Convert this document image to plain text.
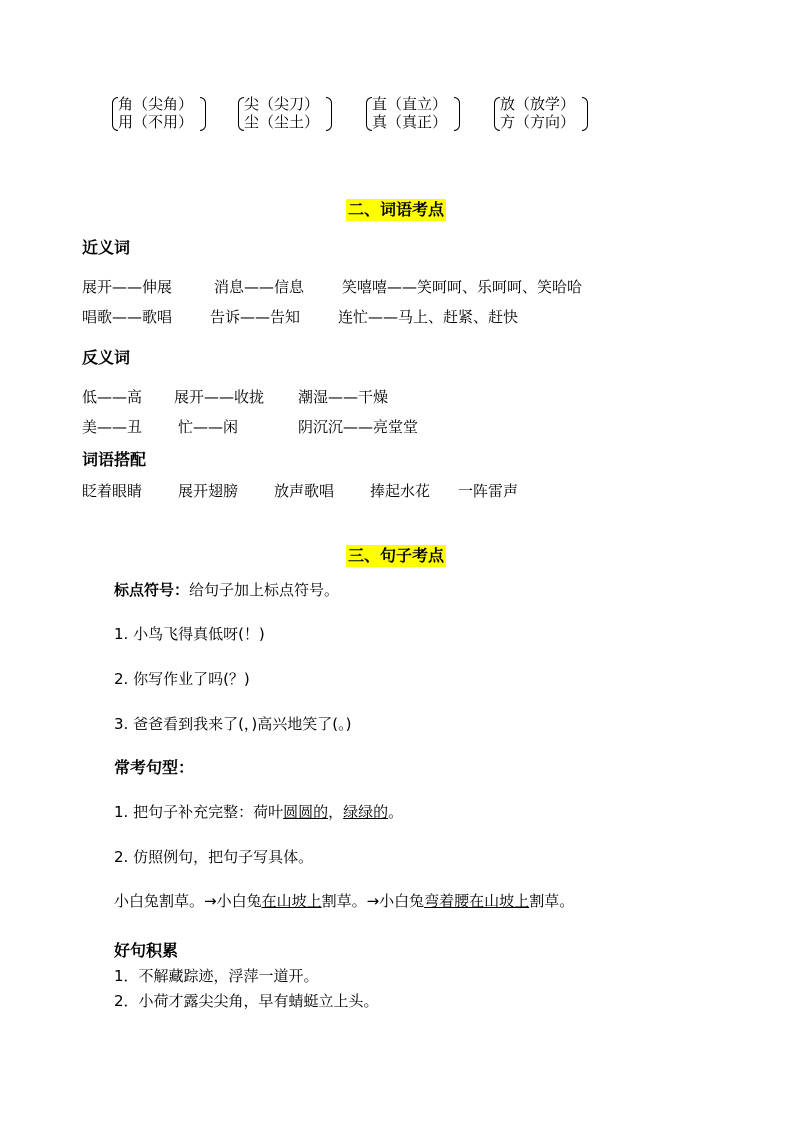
角（尖角）
用（不用）
尖（尖刀）
尘（尘土）
直（直立）
真（真正）
放（放学）
方（方向）
二、词语考点
近义词
展开——伸展	消息——信息	笑嘻嘻——笑呵呵、乐呵呵、笑哈哈
唱歌——歌唱	告诉——告知	连忙——马上、赶紧、赶快
反义词
低——高 展开——收拢 潮湿——干燥
美——丑 忙——闲	阴沉沉——亮堂堂
词语搭配
眨着眼睛 展开翅膀 放声歌唱 捧起水花 一阵雷声
三、句子考点
标点符号：给句子加上标点符号。
1. 小鸟飞得真低呀(！)
2. 你写作业了吗(？)
3. 爸爸看到我来了(，)高兴地笑了(。)
常考句型：
1. 把句子补充完整：荷叶圆圆的，绿绿的。
2. 仿照例句，把句子写具体。
小白兔割草。→小白兔在山坡上割草。→小白兔弯着腰在山坡上割草。
好句积累
1．不解藏踪迹，浮萍一道开。
2．小荷才露尖尖角，早有蜻蜓立上头。
